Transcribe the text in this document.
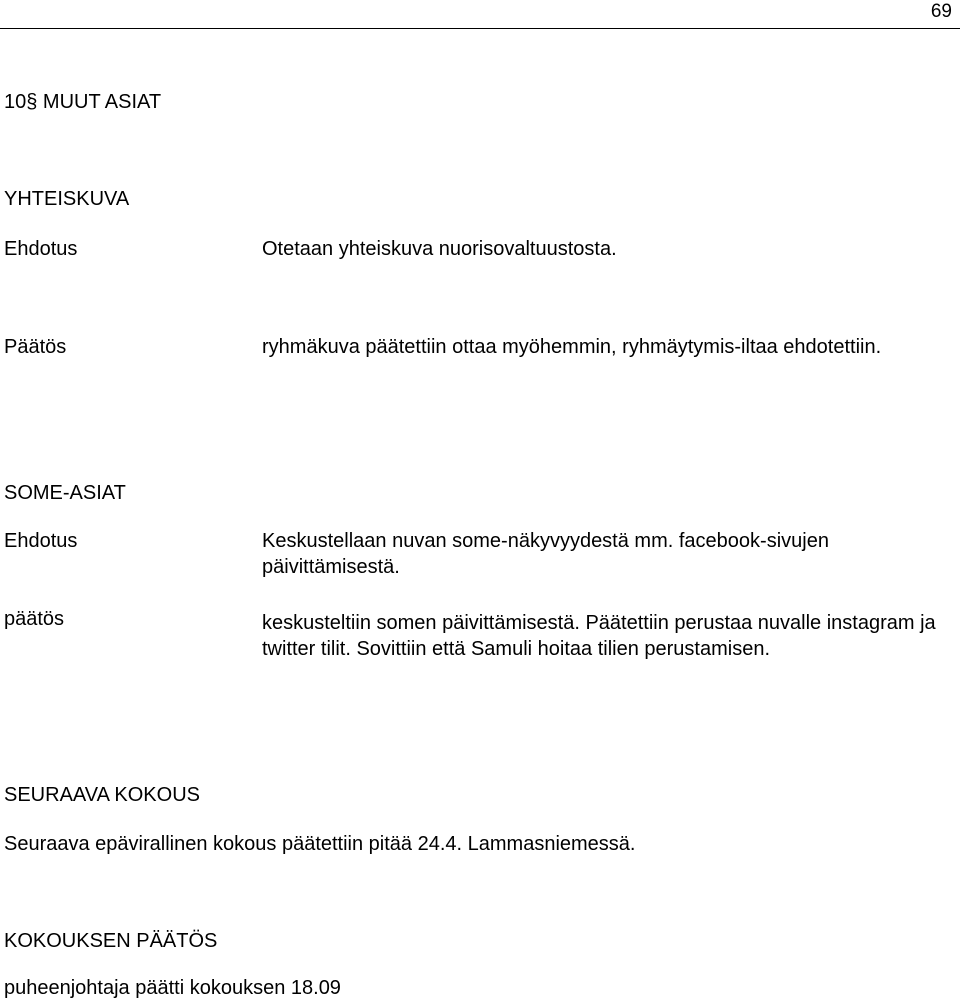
69
10§ MUUT ASIAT
YHTEISKUVA
Ehdotus	Otetaan yhteiskuva nuorisovaltuustosta.
Päätös	ryhmäkuva päätettiin ottaa myöhemmin, ryhmäytymis-iltaa ehdotettiin.
SOME-ASIAT
Ehdotus	Keskustellaan nuvan some-näkyvyydestä mm. facebook-sivujen päivittämisestä.
päätös	keskusteltiin somen päivittämisestä. Päätettiin perustaa nuvalle instagram ja twitter tilit. Sovittiin että Samuli hoitaa tilien perustamisen.
SEURAAVA KOKOUS
Seuraava epävirallinen kokous päätettiin pitää 24.4. Lammasniemessä.
KOKOUKSEN PÄÄTÖS
puheenjohtaja päätti kokouksen 18.09
